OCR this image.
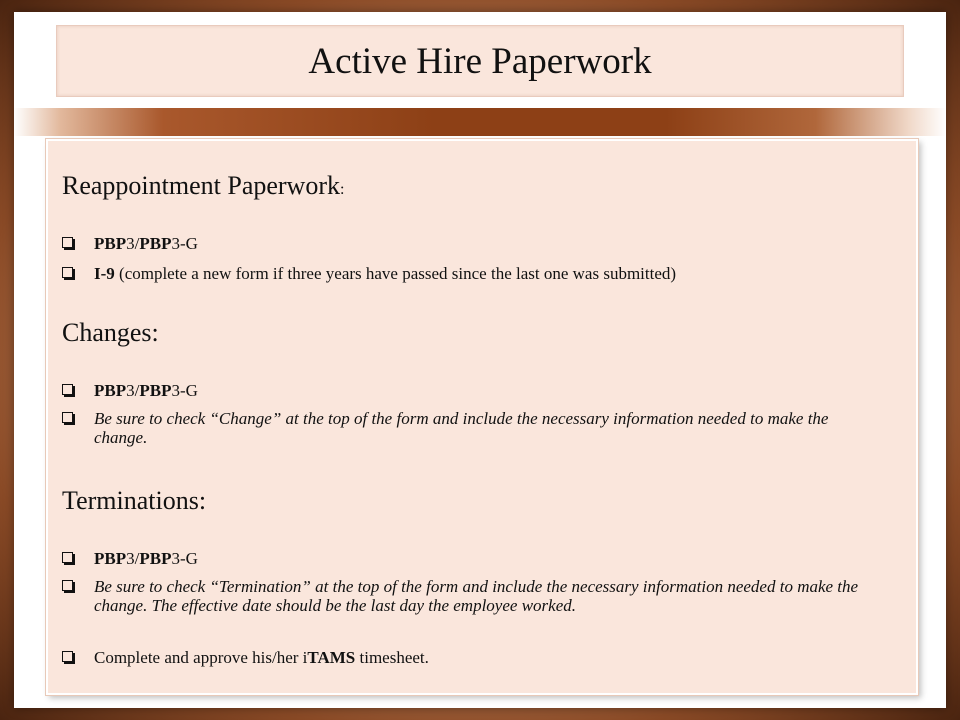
Active Hire Paperwork
Reappointment Paperwork:
PBP3/PBP3-G
I-9 (complete a new form if three years have passed since the last one was submitted)
Changes:
PBP3/PBP3-G
Be sure to check “Change” at the top of the form and include the necessary information needed to make the change.
Terminations:
PBP3/PBP3-G
Be sure to check “Termination” at the top of the form and include the necessary information needed to make the change. The effective date should be the last day the employee worked.
Complete and approve his/her iTAMS timesheet.
